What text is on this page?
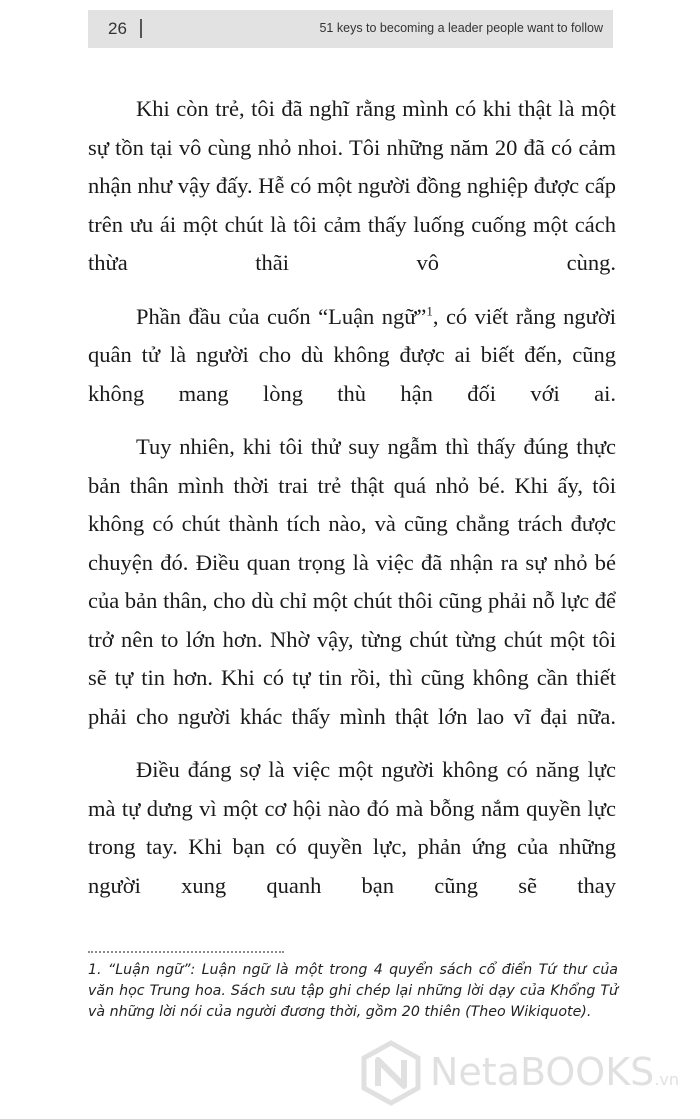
26	51 keys to becoming a leader people want to follow

Khi còn trẻ, tôi đã nghĩ rằng mình có khi thật là một sự tồn tại vô cùng nhỏ nhoi. Tôi những năm 20 đã có cảm nhận như vậy đấy. Hễ có một người đồng nghiệp được cấp trên ưu ái một chút là tôi cảm thấy luống cuống một cách thừa thãi vô cùng.

Phần đầu của cuốn “Luận ngữ”$^1$, có viết rằng người quân tử là người cho dù không được ai biết đến, cũng không mang lòng thù hận đối với ai.

Tuy nhiên, khi tôi thử suy ngẫm thì thấy đúng thực bản thân mình thời trai trẻ thật quá nhỏ bé. Khi ấy, tôi không có chút thành tích nào, và cũng chẳng trách được chuyện đó. Điều quan trọng là việc đã nhận ra sự nhỏ bé của bản thân, cho dù chỉ một chút thôi cũng phải nỗ lực để trở nên to lớn hơn. Nhờ vậy, từng chút từng chút một tôi sẽ tự tin hơn. Khi có tự tin rồi, thì cũng không cần thiết phải cho người khác thấy mình thật lớn lao vĩ đại nữa.

Điều đáng sợ là việc một người không có năng lực mà tự dưng vì một cơ hội nào đó mà bỗng nắm quyền lực trong tay. Khi bạn có quyền lực, phản ứng của những người xung quanh bạn cũng sẽ thay

1. “Luận ngữ”: Luận ngữ là một trong 4 quyển sách cổ điển Tứ thư của văn học Trung hoa. Sách sưu tập ghi chép lại những lời dạy của Khổng Tử và những lời nói của người đương thời, gồm 20 thiên (Theo Wikiquote).
NetaBOOKS.vn
